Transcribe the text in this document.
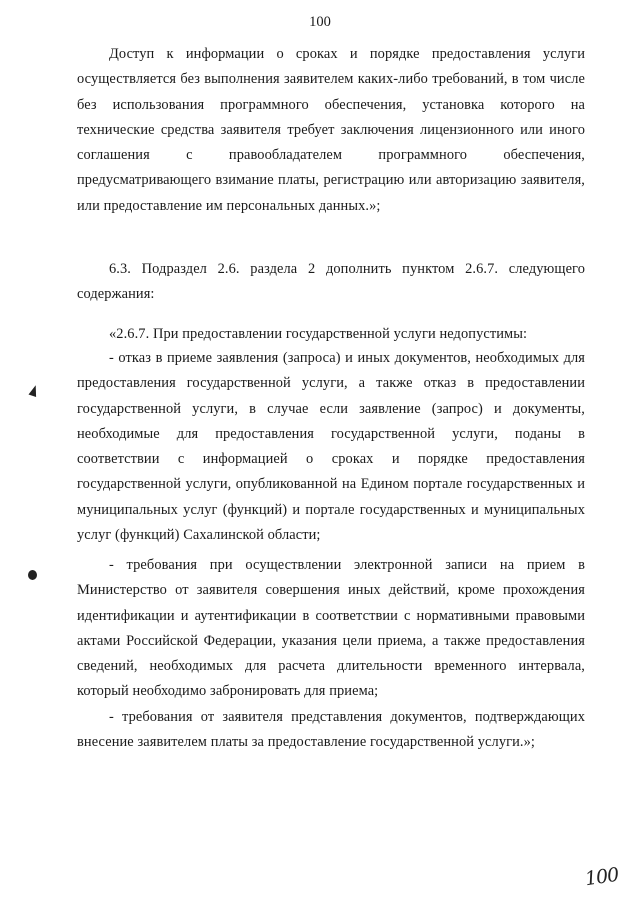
100

Доступ к информации о сроках и порядке предоставления услуги осуществляется без выполнения заявителем каких-либо требований, в том числе без использования программного обеспечения, установка которого на технические средства заявителя требует заключения лицензионного или иного соглашения с правообладателем программного обеспечения, предусматривающего взимание платы, регистрацию или авторизацию заявителя, или предоставление им персональных данных.»;

6.3. Подраздел 2.6. раздела 2 дополнить пунктом 2.6.7. следующего содержания:

«2.6.7. При предоставлении государственной услуги недопустимы:

- отказ в приеме заявления (запроса) и иных документов, необходимых для предоставления государственной услуги, а также отказ в предоставлении государственной услуги, в случае если заявление (запрос) и документы, необходимые для предоставления государственной услуги, поданы в соответствии с информацией о сроках и порядке предоставления государственной услуги, опубликованной на Едином портале государственных и муниципальных услуг (функций) и портале государственных и муниципальных услуг (функций) Сахалинской области;

- требования при осуществлении электронной записи на прием в Министерство от заявителя совершения иных действий, кроме прохождения идентификации и аутентификации в соответствии с нормативными правовыми актами Российской Федерации, указания цели приема, а также предоставления сведений, необходимых для расчета длительности временного интервала, который необходимо забронировать для приема;

- требования от заявителя представления документов, подтверждающих внесение заявителем платы за предоставление государственной услуги.»;

100
